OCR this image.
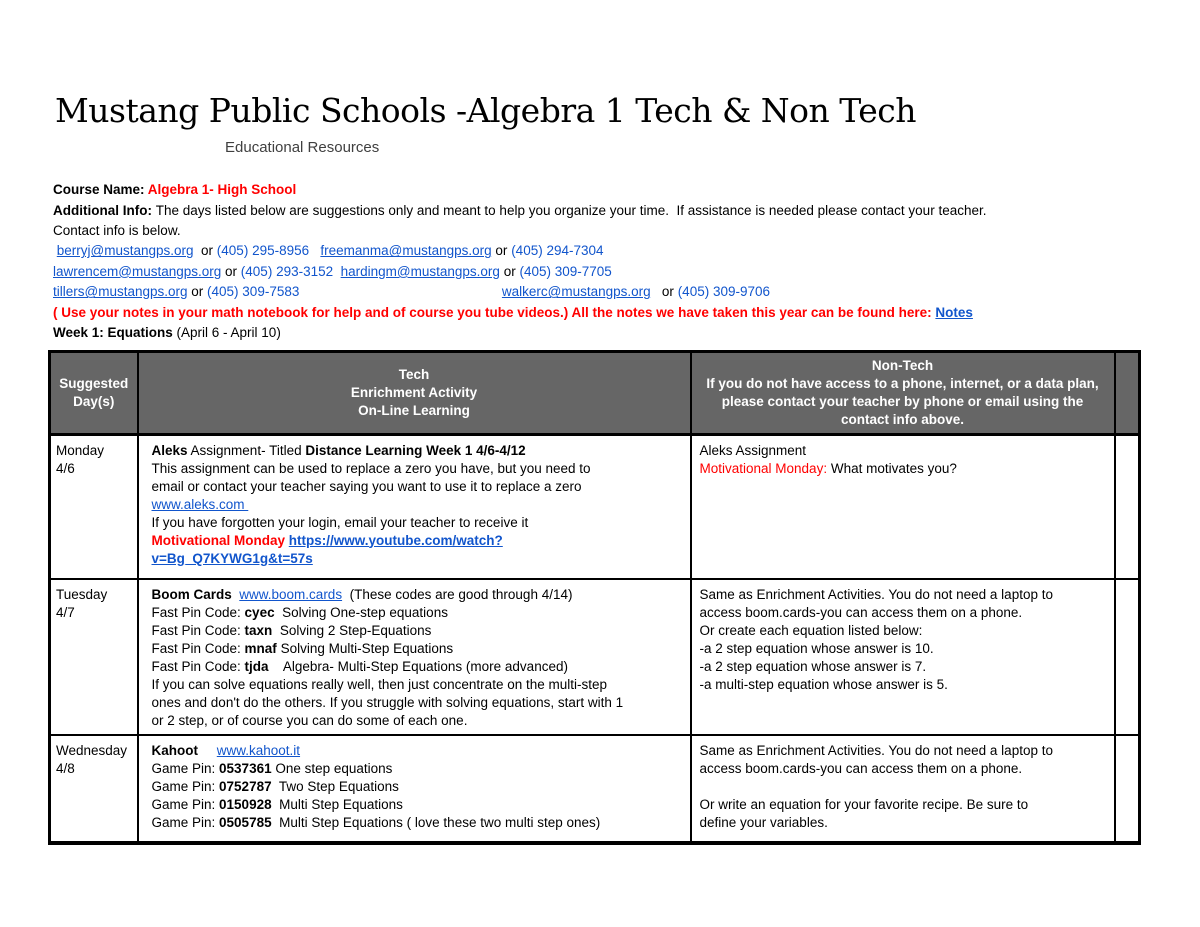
Mustang Public Schools -Algebra 1 Tech & Non Tech
Educational Resources
Course Name: Algebra 1- High School
Additional Info: The days listed below are suggestions only and meant to help you organize your time.  If assistance is needed please contact your teacher.
Contact info is below.
berryj@mustangps.org  or (405) 295-8956 freemanma@mustangps.org or (405) 294-7304
lawrencem@mustangps.org or (405) 293-3152 hardingm@mustangps.org or (405) 309-7705
tillers@mustangps.org or (405) 309-7583	walkerc@mustangps.org   or (405) 309-9706
( Use your notes in your math notebook for help and of course you tube videos.) All the notes we have taken this year can be found here: Notes
Week 1: Equations (April 6 - April 10)
Suggested
Day(s)

Tech
Enrichment Activity
On-Line Learning

Non-Tech
If you do not have access to a phone, internet, or a data plan, please contact your teacher by phone or email using the contact info above.

Monday
4/6

Aleks Assignment- Titled Distance Learning Week 1 4/6-4/12
This assignment can be used to replace a zero you have, but you need to
email or contact your teacher saying you want to use it to replace a zero
www.aleks.com
If you have forgotten your login, email your teacher to receive it
Motivational Monday https://www.youtube.com/watch?
v=Bg_Q7KYWG1g&t=57s

Aleks Assignment
Motivational Monday: What motivates you?

Tuesday
4/7

Boom Cards www.boom.cards  (These codes are good through 4/14)
Fast Pin Code: cyec  Solving One-step equations
Fast Pin Code: taxn  Solving 2 Step-Equations
Fast Pin Code: mnaf Solving Multi-Step Equations
Fast Pin Code: tjda    Algebra- Multi-Step Equations (more advanced)
If you can solve equations really well, then just concentrate on the multi-step
ones and don't do the others. If you struggle with solving equations, start with 1
or 2 step, or of course you can do some of each one.

Same as Enrichment Activities. You do not need a laptop to
access boom.cards-you can access them on a phone.
Or create each equation listed below:
-a 2 step equation whose answer is 10.
-a 2 step equation whose answer is 7.
-a multi-step equation whose answer is 5.

Wednesday
4/8

Kahoot www.kahoot.it
Game Pin: 0537361 One step equations
Game Pin: 0752787  Two Step Equations
Game Pin: 0150928  Multi Step Equations
Game Pin: 0505785  Multi Step Equations ( love these two multi step ones)

Same as Enrichment Activities. You do not need a laptop to
access boom.cards-you can access them on a phone.

Or write an equation for your favorite recipe. Be sure to
define your variables.
